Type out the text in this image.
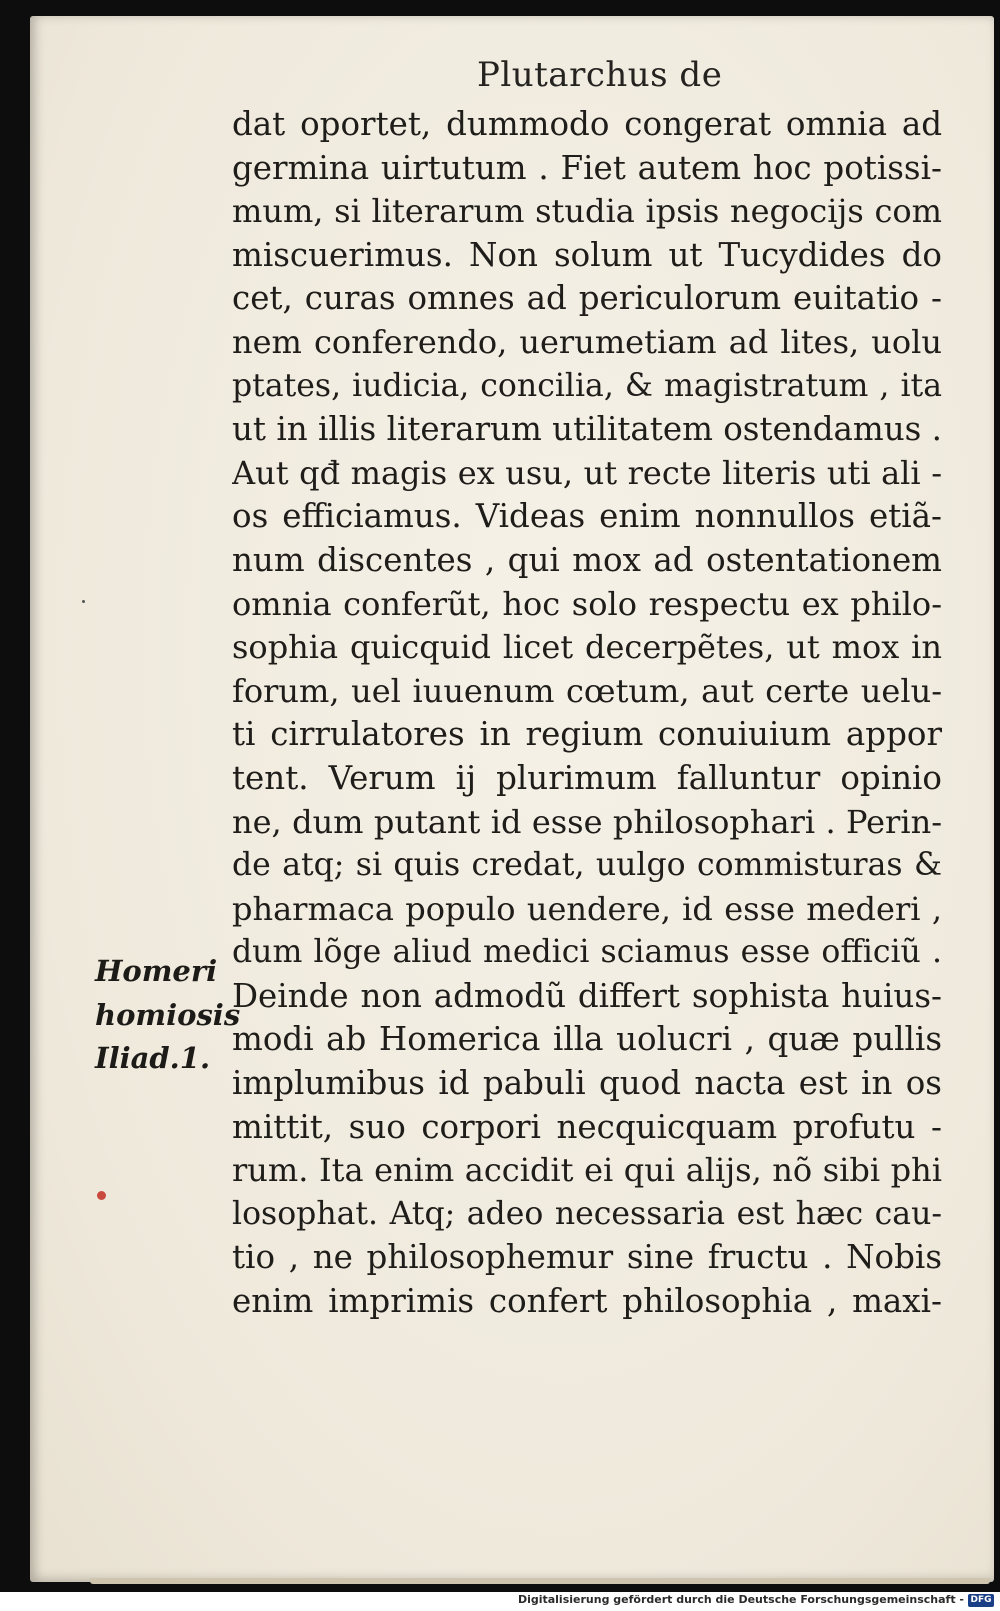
Plutarchus de
dat oportet, dummodo congerat omnia ad
germina uirtutum . Fiet autem hoc potissi-
mum, si literarum studia ipsis negocijs com
miscuerimus. Non solum ut Tucydides do
cet, curas omnes ad periculorum euitatio -
nem conferendo, uerumetiam ad lites, uolu
ptates, iudicia, concilia, & magistratum , ita
ut in illis literarum utilitatem ostendamus .
Aut qđ magis ex usu, ut recte literis uti ali -
os efficiamus. Videas enim nonnullos etiã-
num discentes , qui mox ad ostentationem
omnia conferũt, hoc solo respectu ex philo-
sophia quicquid licet decerpẽtes, ut mox in
forum, uel iuuenum cœtum, aut certe uelu-
ti cirrulatores in regium conuiuium appor
tent. Verum ij plurimum falluntur opinio
ne, dum putant id esse philosophari . Perin-
de atq; si quis credat, uulgo commisturas &
pharmaca populo uendere, id esse mederi ,
dum lõge aliud medici sciamus esse officiũ .
Deinde non admodũ differt sophista huius-
modi ab Homerica illa uolucri , quæ pullis
implumibus id pabuli quod nacta est in os
mittit, suo corpori necquicquam profutu -
rum. Ita enim accidit ei qui alijs, nõ sibi phi
losophat. Atq; adeo necessaria est hæc cau-
tio , ne philosophemur sine fructu . Nobis
enim imprimis confert philosophia , maxi-
Homeri
homiosis
Iliad.1.
Digitalisierung gefördert durch die Deutsche Forschungsgemeinschaft - DFG
